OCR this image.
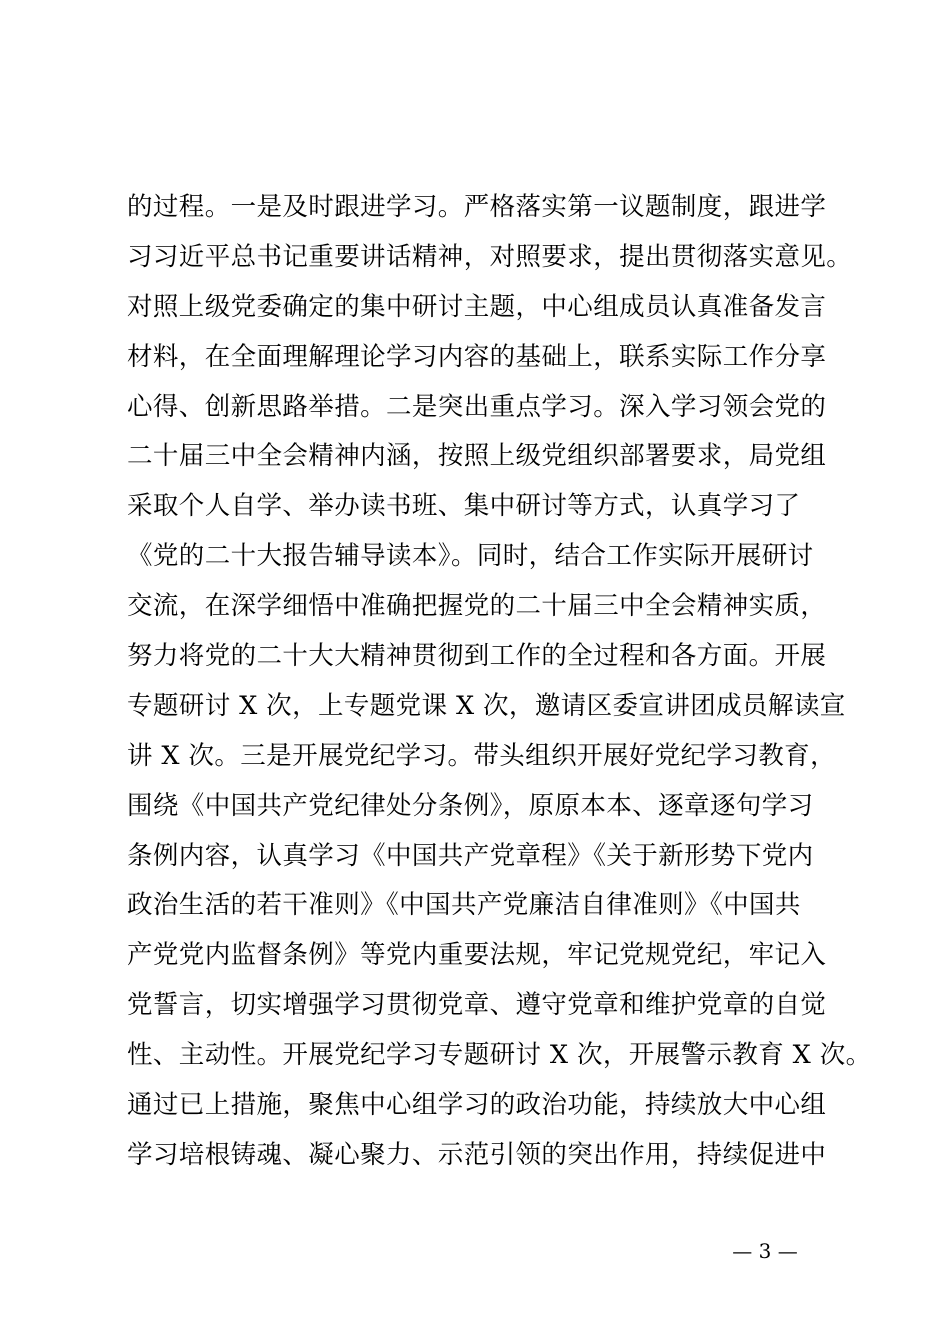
的过程。一是及时跟进学习。严格落实第一议题制度，跟进学
习习近平总书记重要讲话精神，对照要求，提出贯彻落实意见。
对照上级党委确定的集中研讨主题，中心组成员认真准备发言
材料，在全面理解理论学习内容的基础上，联系实际工作分享
心得、创新思路举措。二是突出重点学习。深入学习领会党的
二十届三中全会精神内涵，按照上级党组织部署要求，局党组
采取个人自学、举办读书班、集中研讨等方式，认真学习了
《党的二十大报告辅导读本》。同时，结合工作实际开展研讨
交流，在深学细悟中准确把握党的二十届三中全会精神实质，
努力将党的二十大大精神贯彻到工作的全过程和各方面。开展
专题研讨 X 次，上专题党课 X 次，邀请区委宣讲团成员解读宣
讲 X 次。三是开展党纪学习。带头组织开展好党纪学习教育，
围绕《中国共产党纪律处分条例》，原原本本、逐章逐句学习
条例内容，认真学习《中国共产党章程》《关于新形势下党内
政治生活的若干准则》《中国共产党廉洁自律准则》《中国共
产党党内监督条例》等党内重要法规，牢记党规党纪，牢记入
党誓言，切实增强学习贯彻党章、遵守党章和维护党章的自觉
性、主动性。开展党纪学习专题研讨 X 次，开展警示教育 X 次。
通过已上措施，聚焦中心组学习的政治功能，持续放大中心组
学习培根铸魂、凝心聚力、示范引领的突出作用，持续促进中
— 3 —
